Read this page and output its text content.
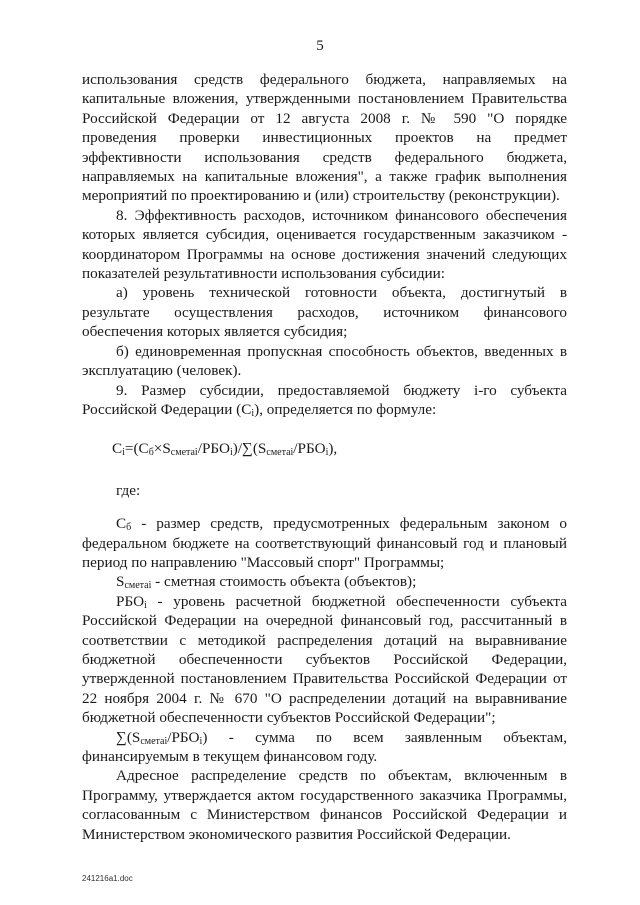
5

использования средств федерального бюджета, направляемых на капитальные вложения, утвержденными постановлением Правительства Российской Федерации от 12 августа 2008 г. № 590 "О порядке проведения проверки инвестиционных проектов на предмет эффективности использования средств федерального бюджета, направляемых на капитальные вложения", а также график выполнения мероприятий по проектированию и (или) строительству (реконструкции).

8. Эффективность расходов, источником финансового обеспечения которых является субсидия, оценивается государственным заказчиком - координатором Программы на основе достижения значений следующих показателей результативности использования субсидии:

а) уровень технической готовности объекта, достигнутый в результате осуществления расходов, источником финансового обеспечения которых является субсидия;

б) единовременная пропускная способность объектов, введенных в эксплуатацию (человек).

9. Размер субсидии, предоставляемой бюджету i-го субъекта Российской Федерации $(C_i)$, определяется по формуле:

$C_i=(C_б\times S_{сметаi}/РБО_i)/\sum(S_{сметаi}/РБО_i)$,

где:

$C_б$ - размер средств, предусмотренных федеральным законом о федеральном бюджете на соответствующий финансовый год и плановый период по направлению "Массовый спорт" Программы;

$S_{сметаi}$ - сметная стоимость объекта (объектов);

$РБО_i$ - уровень расчетной бюджетной обеспеченности субъекта Российской Федерации на очередной финансовый год, рассчитанный в соответствии с методикой распределения дотаций на выравнивание бюджетной обеспеченности субъектов Российской Федерации, утвержденной постановлением Правительства Российской Федерации от 22 ноября 2004 г. № 670 "О распределении дотаций на выравнивание бюджетной обеспеченности субъектов Российской Федерации";

$\sum(S_{сметаi}/РБО_i)$ - сумма по всем заявленным объектам, финансируемым в текущем финансовом году.

Адресное распределение средств по объектам, включенным в Программу, утверждается актом государственного заказчика Программы, согласованным с Министерством финансов Российской Федерации и Министерством экономического развития Российской Федерации.

241216a1.doc
